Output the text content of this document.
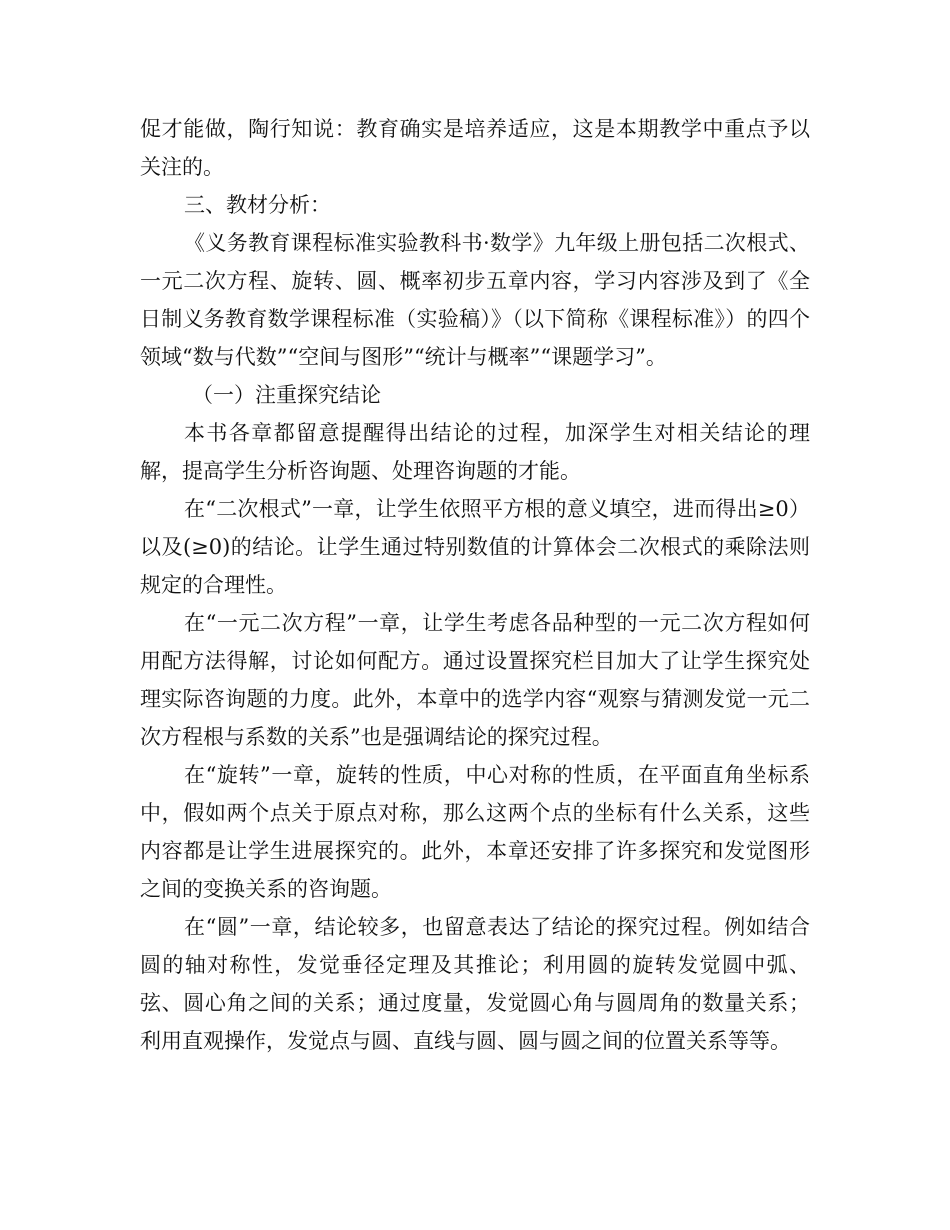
促才能做，陶行知说：教育确实是培养适应，这是本期教学中重点予以关注的。

三、教材分析：

《义务教育课程标准实验教科书·数学》九年级上册包括二次根式、一元二次方程、旋转、圆、概率初步五章内容，学习内容涉及到了《全日制义务教育数学课程标准（实验稿）》（以下简称《课程标准》）的四个领域“数与代数”“空间与图形”“统计与概率”“课题学习”。

（一）注重探究结论

本书各章都留意提醒得出结论的过程，加深学生对相关结论的理解，提高学生分析咨询题、处理咨询题的才能。

在“二次根式”一章，让学生依照平方根的意义填空，进而得出≥0）以及(≥0)的结论。让学生通过特别数值的计算体会二次根式的乘除法则规定的合理性。

在“一元二次方程”一章，让学生考虑各品种型的一元二次方程如何用配方法得解，讨论如何配方。通过设置探究栏目加大了让学生探究处理实际咨询题的力度。此外，本章中的选学内容“观察与猜测发觉一元二次方程根与系数的关系”也是强调结论的探究过程。

在“旋转”一章，旋转的性质，中心对称的性质，在平面直角坐标系中，假如两个点关于原点对称，那么这两个点的坐标有什么关系，这些内容都是让学生进展探究的。此外，本章还安排了许多探究和发觉图形之间的变换关系的咨询题。

在“圆”一章，结论较多，也留意表达了结论的探究过程。例如结合圆的轴对称性，发觉垂径定理及其推论；利用圆的旋转发觉圆中弧、弦、圆心角之间的关系；通过度量，发觉圆心角与圆周角的数量关系；利用直观操作，发觉点与圆、直线与圆、圆与圆之间的位置关系等等。
